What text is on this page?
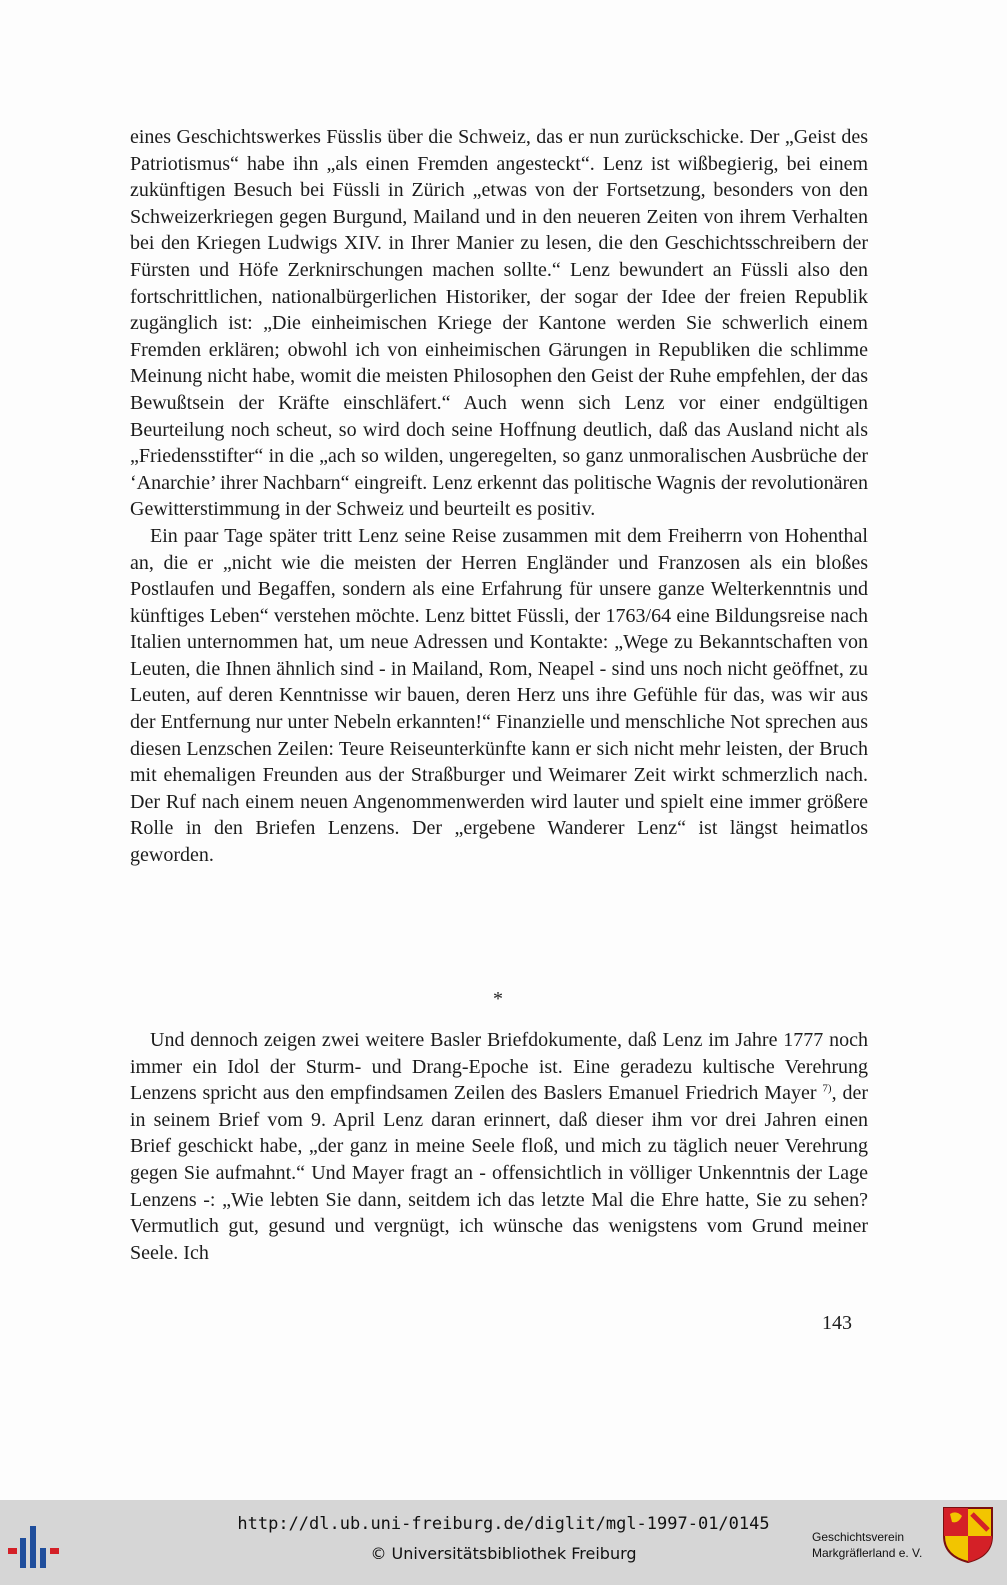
eines Geschichtswerkes Füsslis über die Schweiz, das er nun zurückschicke. Der „Geist des Patriotismus“ habe ihn „als einen Fremden angesteckt“. Lenz ist wißbegierig, bei einem zukünftigen Besuch bei Füssli in Zürich „etwas von der Fortsetzung, besonders von den Schweizerkriegen gegen Burgund, Mailand und in den neueren Zeiten von ihrem Verhalten bei den Kriegen Ludwigs XIV. in Ihrer Manier zu lesen, die den Geschichtsschreibern der Fürsten und Höfe Zerknirschungen machen sollte.“ Lenz bewundert an Füssli also den fortschrittlichen, nationalbürgerlichen Historiker, der sogar der Idee der freien Republik zugänglich ist: „Die einheimischen Kriege der Kantone werden Sie schwerlich einem Fremden erklären; obwohl ich von einheimischen Gärungen in Republiken die schlimme Meinung nicht habe, womit die meisten Philosophen den Geist der Ruhe empfehlen, der das Bewußtsein der Kräfte einschläfert.“ Auch wenn sich Lenz vor einer endgültigen Beurteilung noch scheut, so wird doch seine Hoffnung deutlich, daß das Ausland nicht als „Friedensstifter“ in die „ach so wilden, ungeregelten, so ganz unmoralischen Ausbrüche der ‘Anarchie’ ihrer Nachbarn“ eingreift. Lenz erkennt das politische Wagnis der revolutionären Gewitterstimmung in der Schweiz und beurteilt es positiv.

Ein paar Tage später tritt Lenz seine Reise zusammen mit dem Freiherrn von Hohenthal an, die er „nicht wie die meisten der Herren Engländer und Franzosen als ein bloßes Postlaufen und Begaffen, sondern als eine Erfahrung für unsere ganze Welterkenntnis und künftiges Leben“ verstehen möchte. Lenz bittet Füssli, der 1763/64 eine Bildungsreise nach Italien unternommen hat, um neue Adressen und Kontakte: „Wege zu Bekanntschaften von Leuten, die Ihnen ähnlich sind - in Mailand, Rom, Neapel - sind uns noch nicht geöffnet, zu Leuten, auf deren Kenntnisse wir bauen, deren Herz uns ihre Gefühle für das, was wir aus der Entfernung nur unter Nebeln erkannten!“ Finanzielle und menschliche Not sprechen aus diesen Lenzschen Zeilen: Teure Reiseunterkünfte kann er sich nicht mehr leisten, der Bruch mit ehemaligen Freunden aus der Straßburger und Weimarer Zeit wirkt schmerzlich nach. Der Ruf nach einem neuen Angenommenwerden wird lauter und spielt eine immer größere Rolle in den Briefen Lenzens. Der „ergebene Wanderer Lenz“ ist längst heimatlos geworden.

*

Und dennoch zeigen zwei weitere Basler Briefdokumente, daß Lenz im Jahre 1777 noch immer ein Idol der Sturm- und Drang-Epoche ist. Eine geradezu kultische Verehrung Lenzens spricht aus den empfindsamen Zeilen des Baslers Emanuel Friedrich Mayer $^{7)}$, der in seinem Brief vom 9. April Lenz daran erinnert, daß dieser ihm vor drei Jahren einen Brief geschickt habe, „der ganz in meine Seele floß, und mich zu täglich neuer Verehrung gegen Sie aufmahnt.“ Und Mayer fragt an - offensichtlich in völliger Unkenntnis der Lage Lenzens -: „Wie lebten Sie dann, seitdem ich das letzte Mal die Ehre hatte, Sie zu sehen? Vermutlich gut, gesund und vergnügt, ich wünsche das wenigstens vom Grund meiner Seele. Ich

143
http://dl.ub.uni-freiburg.de/diglit/mgl-1997-01/0145
© Universitätsbibliothek Freiburg
Geschichtsverein
Markgräflerland e. V.
